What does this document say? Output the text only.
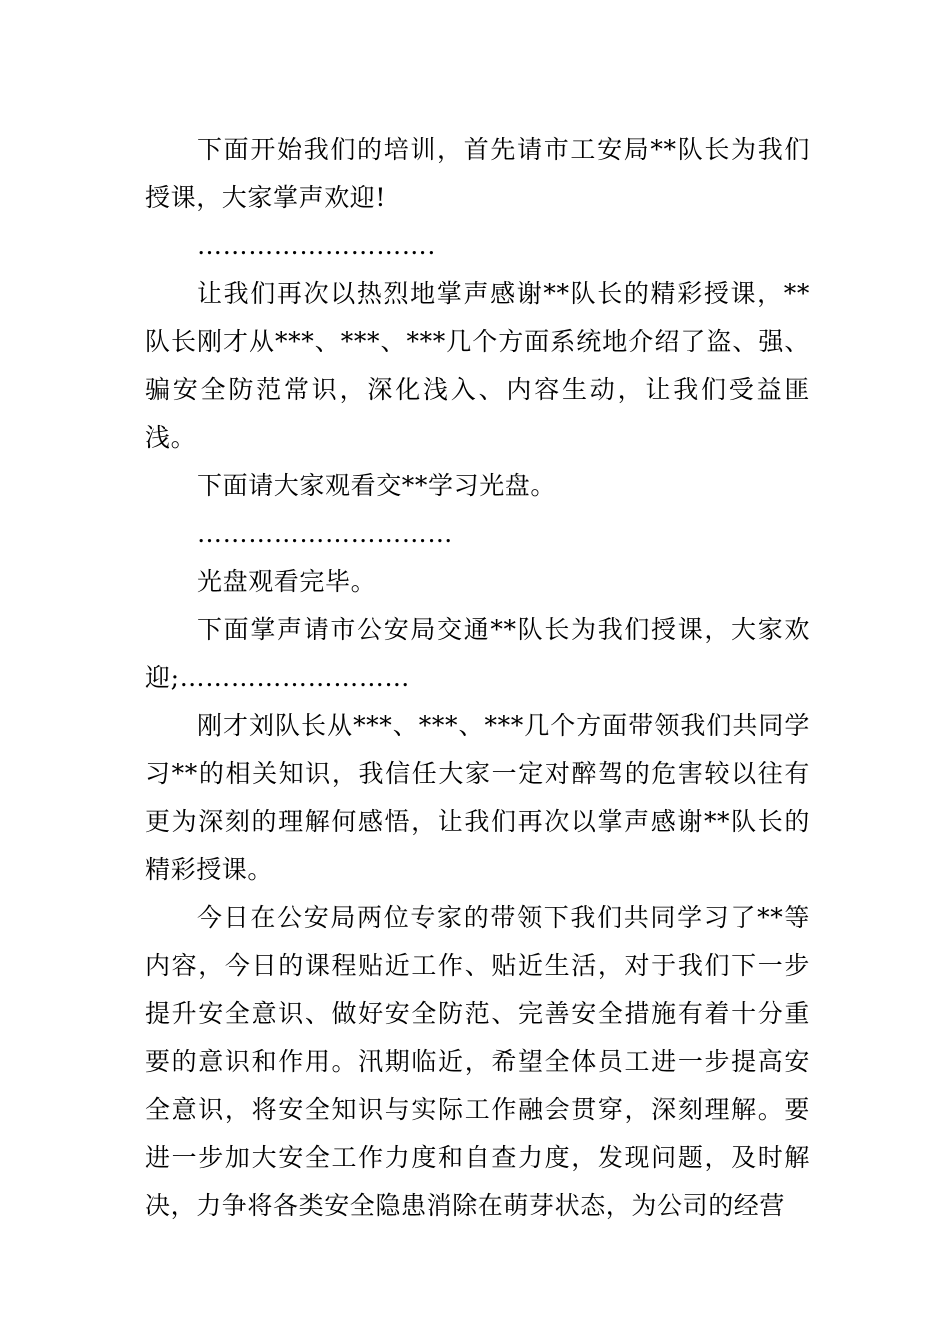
下面开始我们的培训，首先请市工安局**队长为我们授课，大家掌声欢迎!

……………………….

让我们再次以热烈地掌声感谢**队长的精彩授课，**队长刚才从***、***、***几个方面系统地介绍了盗、强、骗安全防范常识，深化浅入、内容生动，让我们受益匪浅。

下面请大家观看交**学习光盘。

…………………………

光盘观看完毕。

下面掌声请市公安局交通**队长为我们授课，大家欢迎;………………………

刚才刘队长从***、***、***几个方面带领我们共同学习**的相关知识，我信任大家一定对醉驾的危害较以往有更为深刻的理解何感悟，让我们再次以掌声感谢**队长的精彩授课。

今日在公安局两位专家的带领下我们共同学习了**等内容，今日的课程贴近工作、贴近生活，对于我们下一步提升安全意识、做好安全防范、完善安全措施有着十分重要的意识和作用。汛期临近，希望全体员工进一步提高安全意识，将安全知识与实际工作融会贯穿，深刻理解。要进一步加大安全工作力度和自查力度，发现问题，及时解决，力争将各类安全隐患消除在萌芽状态，为公司的经营
